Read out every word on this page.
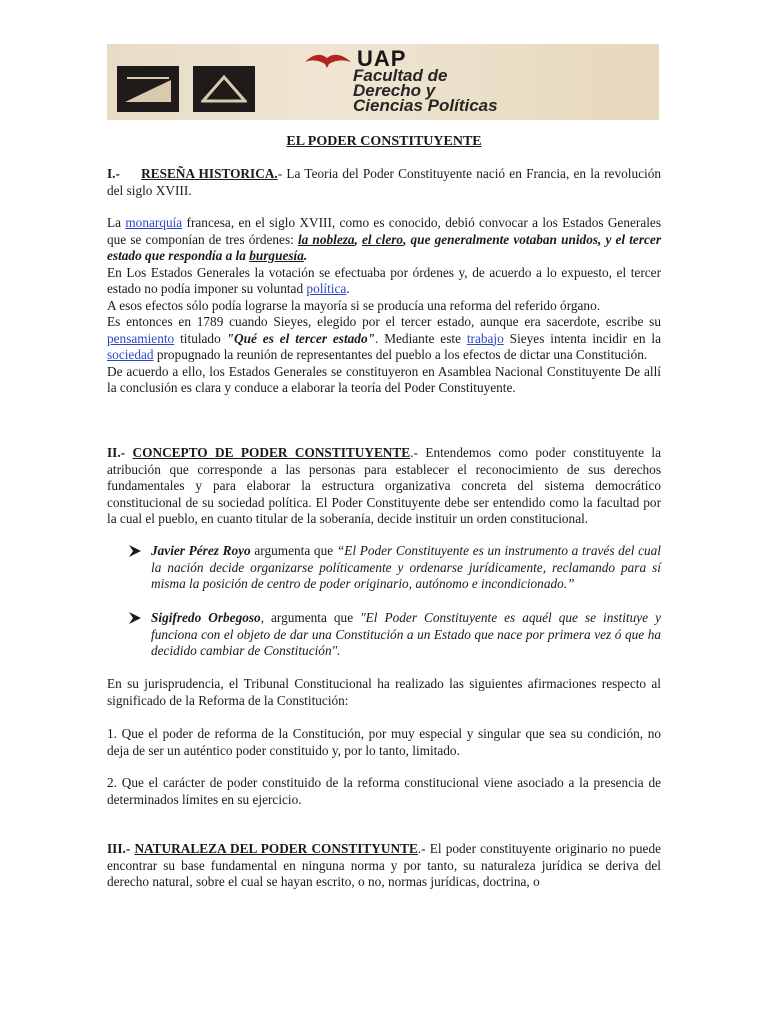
UAP
Facultad de
Derecho y
Ciencias Políticas
EL PODER CONSTITUYENTE

I.- RESEÑA HISTORICA.- La Teoria del Poder Constituyente nació en Francia, en la revolución del siglo XVIII.

La monarquía francesa, en el siglo XVIII, como es conocido, debió convocar a los Estados Generales que se componían de tres órdenes: la nobleza, el clero, que generalmente votaban unidos, y el tercer estado que respondía a la burguesía.

En Los Estados Generales la votación se efectuaba por órdenes y, de acuerdo a lo expuesto, el tercer estado no podía imponer su voluntad política.

A esos efectos sólo podía lograrse la mayoría si se producía una reforma del referido órgano.

Es entonces en 1789 cuando Sieyes, elegido por el tercer estado, aunque era sacerdote, escribe su pensamiento titulado "Qué es el tercer estado". Mediante este trabajo Sieyes intenta incidir en la sociedad propugnado la reunión de representantes del pueblo a los efectos de dictar una Constitución.

De acuerdo a ello, los Estados Generales se constituyeron en Asamblea Nacional Constituyente De allí la conclusión es clara y conduce a elaborar la teoría del Poder Constituyente.

II.- CONCEPTO DE PODER CONSTITUYENTE.- Entendemos como poder constituyente la atribución que corresponde a las personas para establecer el reconocimiento de sus derechos fundamentales y para elaborar la estructura organizativa concreta del sistema democrático constitucional de su sociedad política. El Poder Constituyente debe ser entendido como la facultad por la cual el pueblo, en cuanto titular de la soberanía, decide instituir un orden constitucional.

Javier Pérez Royo argumenta que “El Poder Constituyente es un instrumento a través del cual la nación decide organizarse políticamente y ordenarse jurídicamente, reclamando para sí misma la posición de centro de poder originario, autónomo e incondicionado.”
Sigifredo Orbegoso, argumenta que "El Poder Constituyente es aquél que se instituye y funciona con el objeto de dar una Constitución a un Estado que nace por primera vez ó que ha decidido cambiar de Constitución".
En su jurisprudencia, el Tribunal Constitucional ha realizado las siguientes afirmaciones respecto al significado de la Reforma de la Constitución:
1. Que el poder de reforma de la Constitución, por muy especial y singular que sea su condición, no deja de ser un auténtico poder constituido y, por lo tanto, limitado.
2. Que el carácter de poder constituido de la reforma constitucional viene asociado a la presencia de determinados límites en su ejercicio.

III.- NATURALEZA DEL PODER CONSTITYUNTE.- El poder constituyente originario no puede encontrar su base fundamental en ninguna norma y por tanto, su naturaleza jurídica se deriva del derecho natural, sobre el cual se hayan escrito, o no, normas jurídicas, doctrina, o
